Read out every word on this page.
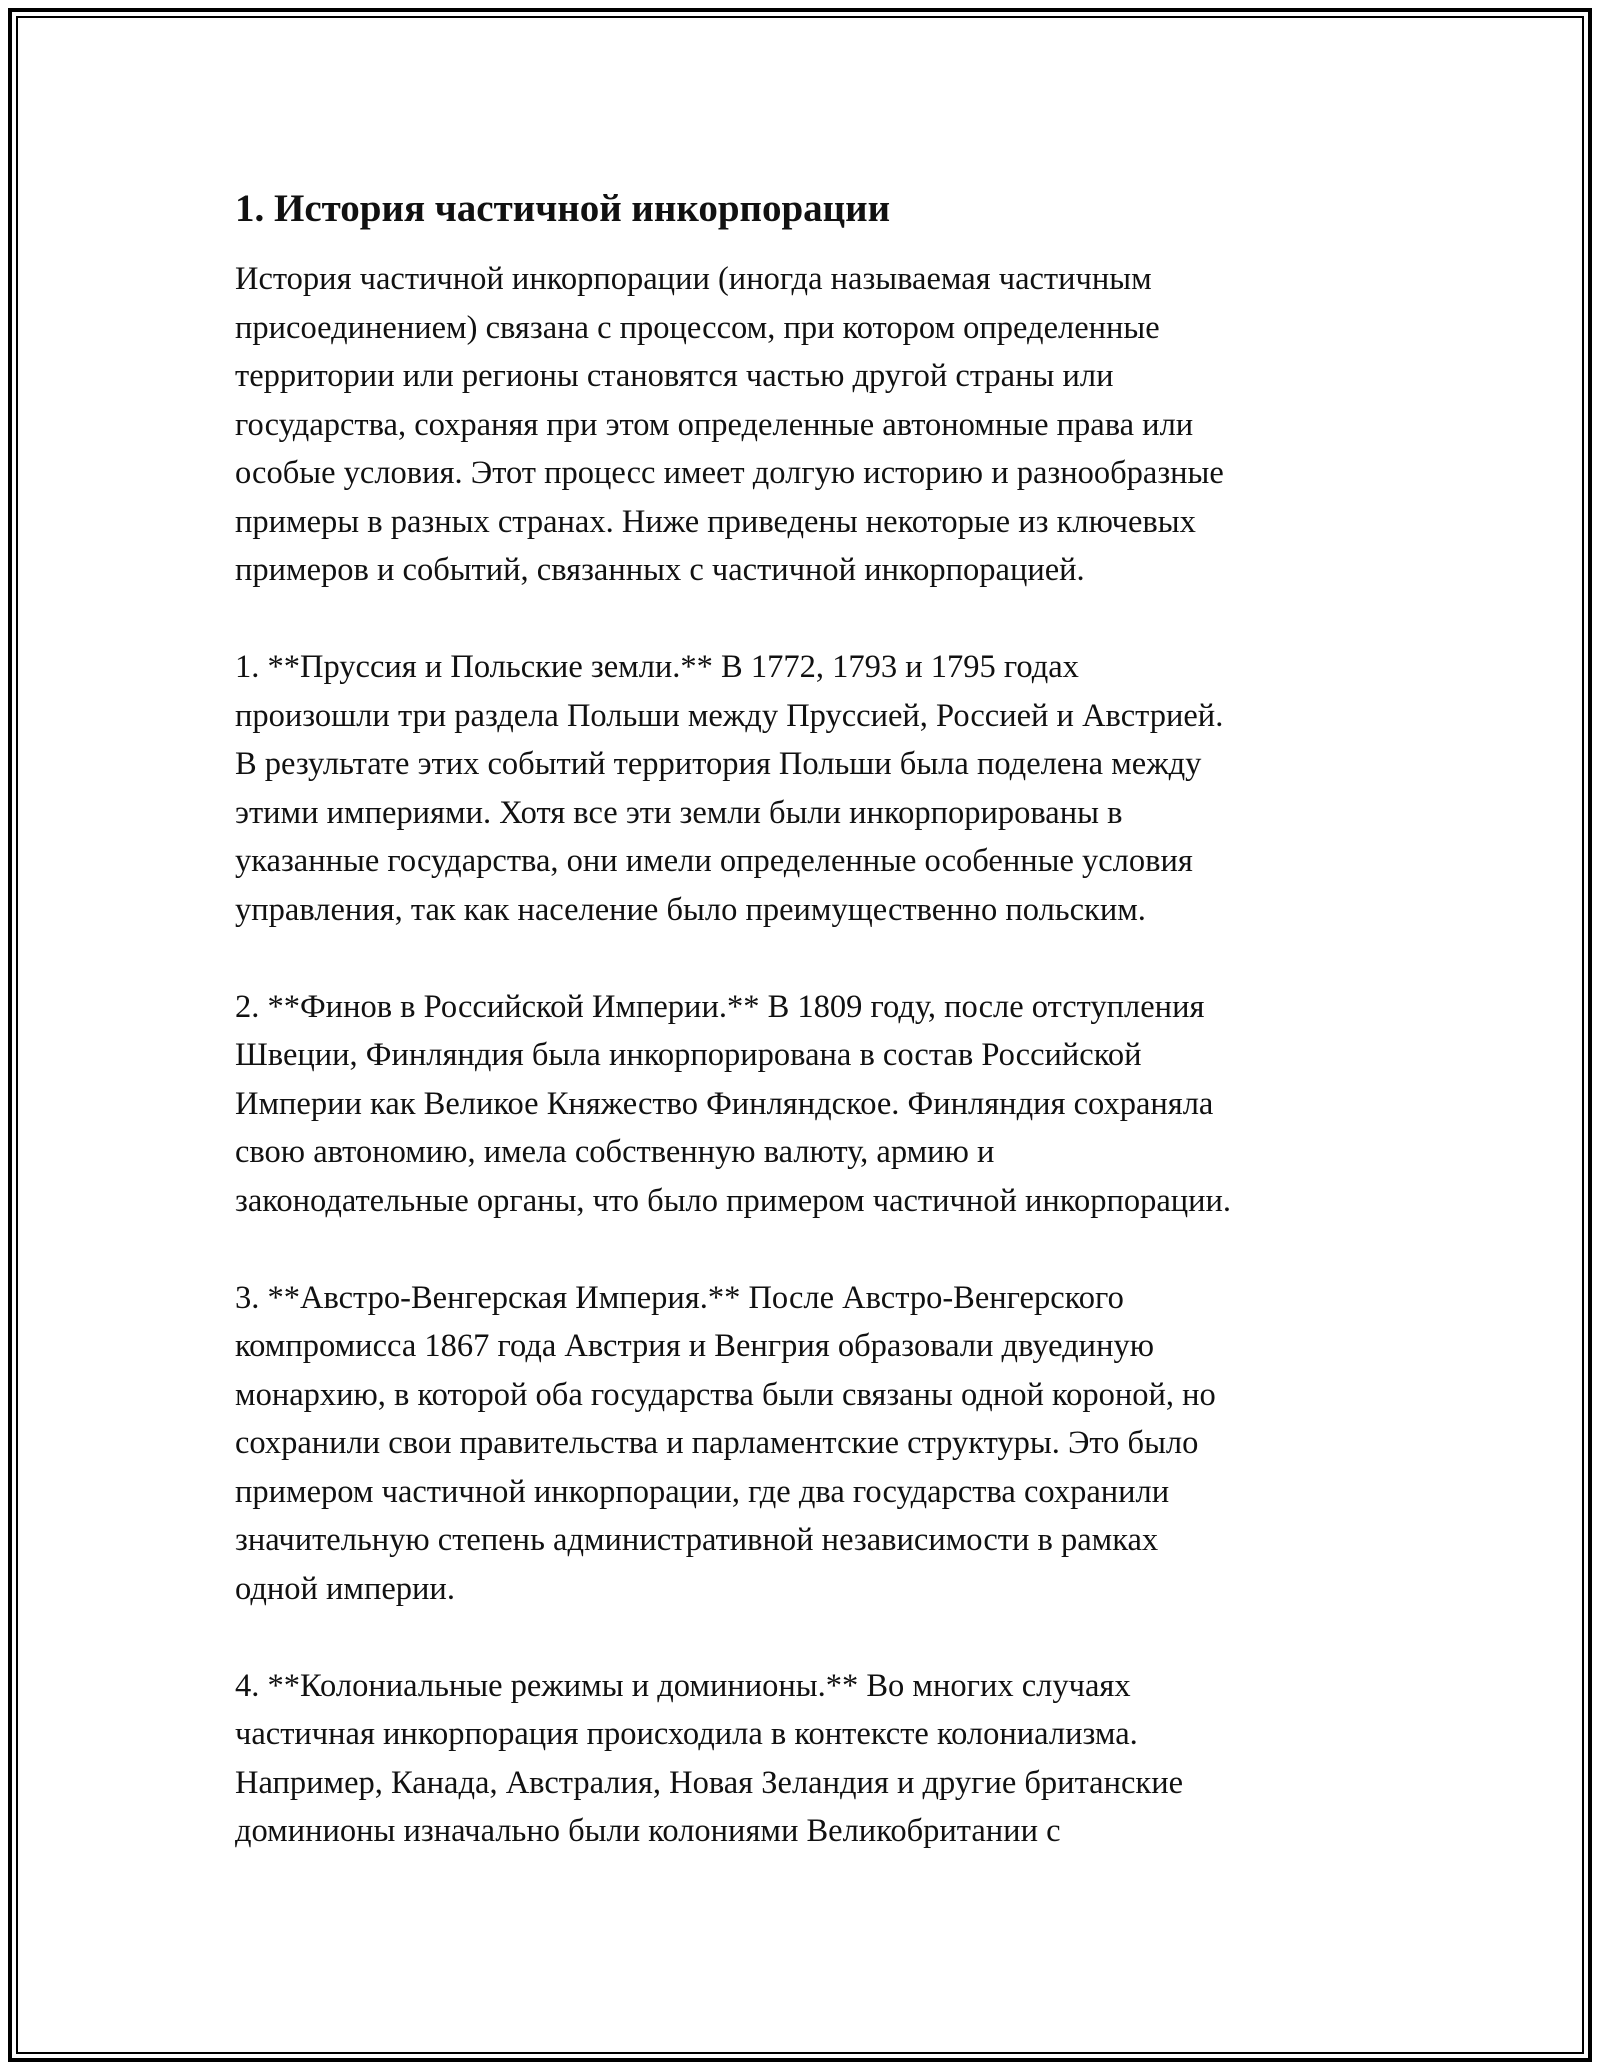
1. История частичной инкорпорации
История частичной инкорпорации (иногда называемая частичным
присоединением) связана с процессом, при котором определенные
территории или регионы становятся частью другой страны или
государства, сохраняя при этом определенные автономные права или
особые условия. Этот процесс имеет долгую историю и разнообразные
примеры в разных странах. Ниже приведены некоторые из ключевых
примеров и событий, связанных с частичной инкорпорацией.
1. **Пруссия и Польские земли.** В 1772, 1793 и 1795 годах
произошли три раздела Польши между Пруссией, Россией и Австрией.
В результате этих событий территория Польши была поделена между
этими империями. Хотя все эти земли были инкорпорированы в
указанные государства, они имели определенные особенные условия
управления, так как население было преимущественно польским.
2. **Финов в Российской Империи.** В 1809 году, после отступления
Швеции, Финляндия была инкорпорирована в состав Российской
Империи как Великое Княжество Финляндское. Финляндия сохраняла
свою автономию, имела собственную валюту, армию и
законодательные органы, что было примером частичной инкорпорации.
3. **Австро-Венгерская Империя.** После Австро-Венгерского
компромисса 1867 года Австрия и Венгрия образовали двуединую
монархию, в которой оба государства были связаны одной короной, но
сохранили свои правительства и парламентские структуры. Это было
примером частичной инкорпорации, где два государства сохранили
значительную степень административной независимости в рамках
одной империи.
4. **Колониальные режимы и доминионы.** Во многих случаях
частичная инкорпорация происходила в контексте колониализма.
Например, Канада, Австралия, Новая Зеландия и другие британские
доминионы изначально были колониями Великобритании с
